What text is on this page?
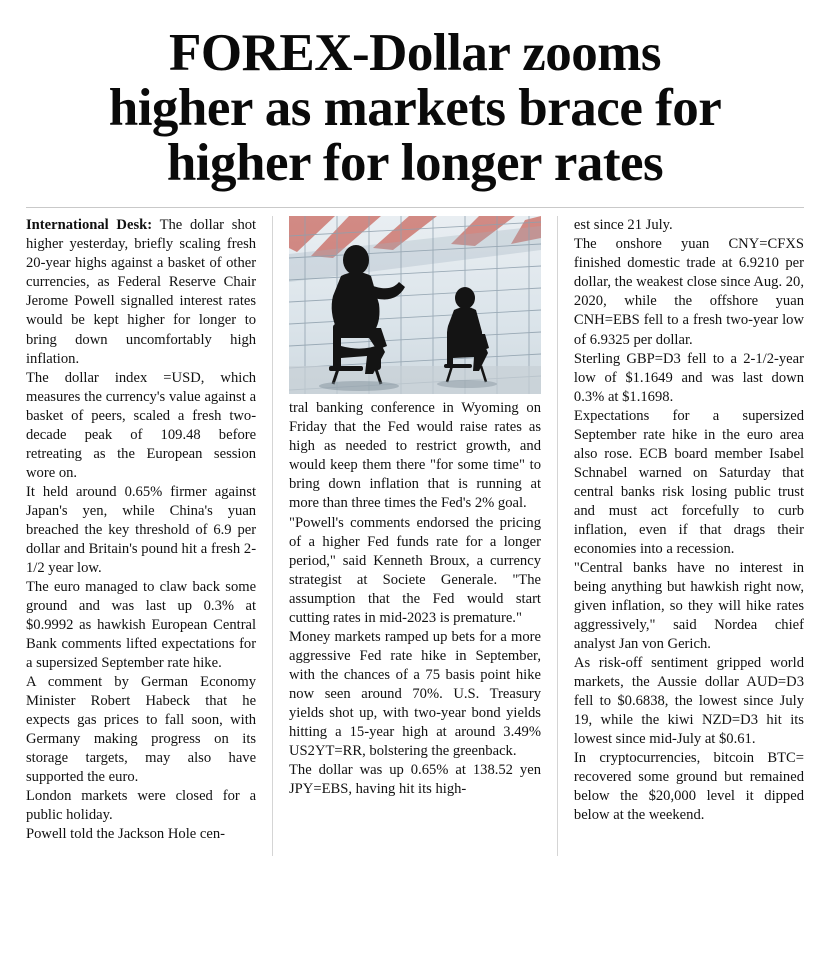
FOREX-Dollar zooms
higher as markets brace for
higher for longer rates

International Desk: The dollar shot higher yesterday, briefly scaling fresh 20-year highs against a basket of other currencies, as Federal Reserve Chair Jerome Powell signalled interest rates would be kept higher for longer to bring down uncomfortably high inflation.

The dollar index =USD, which measures the currency's value against a basket of peers, scaled a fresh two-decade peak of 109.48 before retreating as the European session wore on.

It held around 0.65% firmer against Japan's yen, while China's yuan breached the key threshold of 6.9 per dollar and Britain's pound hit a fresh 2-1/2 year low.

The euro managed to claw back some ground and was last up 0.3% at $0.9992 as hawkish European Central Bank comments lifted expectations for a supersized September rate hike.

A comment by German Economy Minister Robert Habeck that he expects gas prices to fall soon, with Germany making progress on its storage targets, may also have supported the euro.

London markets were closed for a public holiday.

Powell told the Jackson Hole cen-

tral banking conference in Wyoming on Friday that the Fed would raise rates as high as needed to restrict growth, and would keep them there "for some time" to bring down inflation that is running at more than three times the Fed's 2% goal.

"Powell's comments endorsed the pricing of a higher Fed funds rate for a longer period," said Kenneth Broux, a currency strategist at Societe Generale. "The assumption that the Fed would start cutting rates in mid-2023 is premature."

Money markets ramped up bets for a more aggressive Fed rate hike in September, with the chances of a 75 basis point hike now seen around 70%. U.S. Treasury yields shot up, with two-year bond yields hitting a 15-year high at around 3.49% US2YT=RR, bolstering the greenback.

The dollar was up 0.65% at 138.52 yen JPY=EBS, having hit its high-

est since 21 July.

The onshore yuan CNY=CFXS finished domestic trade at 6.9210 per dollar, the weakest close since Aug. 20, 2020, while the offshore yuan CNH=EBS fell to a fresh two-year low of 6.9325 per dollar.

Sterling GBP=D3 fell to a 2-1/2-year low of $1.1649 and was last down 0.3% at $1.1698.

Expectations for a supersized September rate hike in the euro area also rose. ECB board member Isabel Schnabel warned on Saturday that central banks risk losing public trust and must act forcefully to curb inflation, even if that drags their economies into a recession.

"Central banks have no interest in being anything but hawkish right now, given inflation, so they will hike rates aggressively," said Nordea chief analyst Jan von Gerich.

As risk-off sentiment gripped world markets, the Aussie dollar AUD=D3 fell to $0.6838, the lowest since July 19, while the kiwi NZD=D3 hit its lowest since mid-July at $0.61.

In cryptocurrencies, bitcoin BTC= recovered some ground but remained below the $20,000 level it dipped below at the weekend.
